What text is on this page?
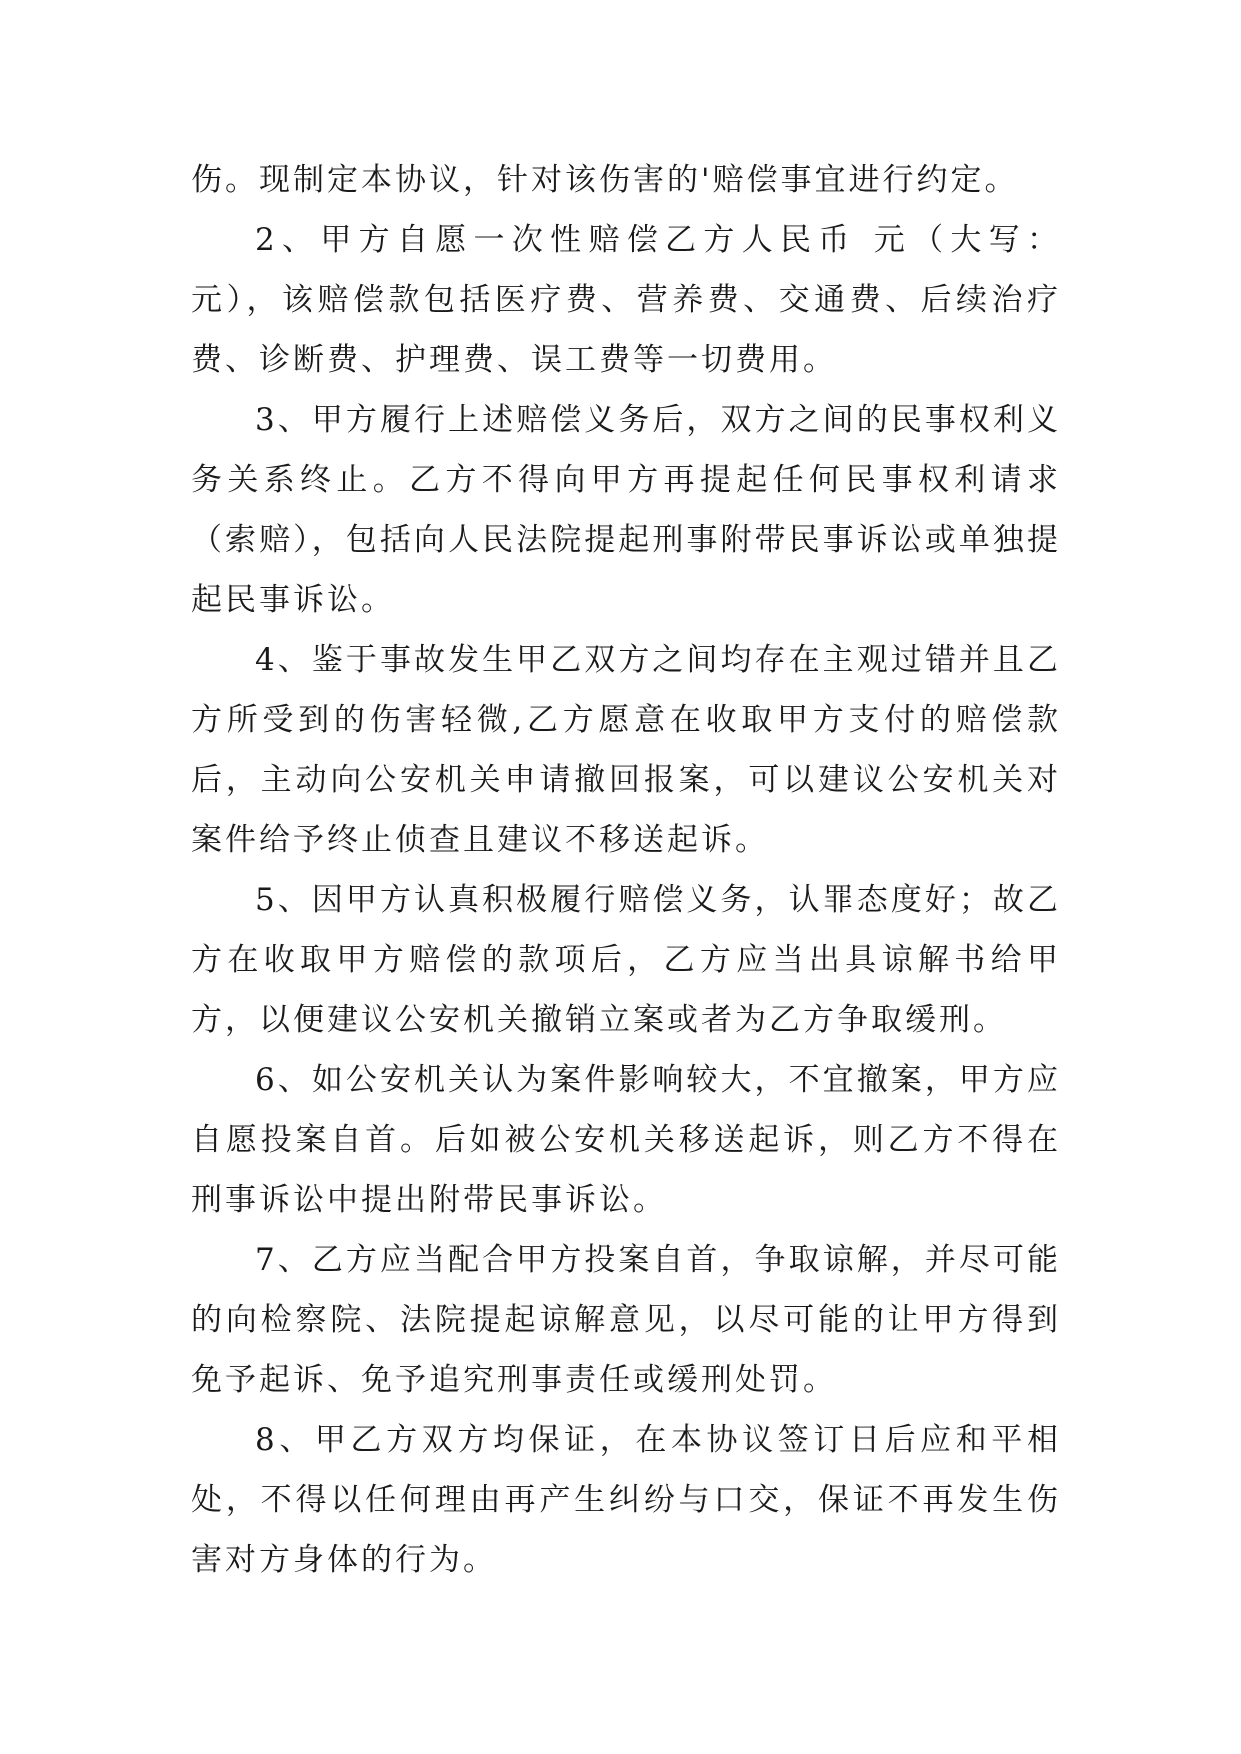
伤。现制定本协议，针对该伤害的'赔偿事宜进行约定。

2、甲方自愿一次性赔偿乙方人民币 元（大写： 元），该赔偿款包括医疗费、营养费、交通费、后续治疗费、诊断费、护理费、误工费等一切费用。

3、甲方履行上述赔偿义务后，双方之间的民事权利义务关系终止。乙方不得向甲方再提起任何民事权利请求（索赔），包括向人民法院提起刑事附带民事诉讼或单独提起民事诉讼。

4、鉴于事故发生甲乙双方之间均存在主观过错并且乙方所受到的伤害轻微,乙方愿意在收取甲方支付的赔偿款后，主动向公安机关申请撤回报案，可以建议公安机关对案件给予终止侦查且建议不移送起诉。

5、因甲方认真积极履行赔偿义务，认罪态度好；故乙方在收取甲方赔偿的款项后，乙方应当出具谅解书给甲方，以便建议公安机关撤销立案或者为乙方争取缓刑。

6、如公安机关认为案件影响较大，不宜撤案，甲方应自愿投案自首。后如被公安机关移送起诉，则乙方不得在刑事诉讼中提出附带民事诉讼。

7、乙方应当配合甲方投案自首，争取谅解，并尽可能的向检察院、法院提起谅解意见，以尽可能的让甲方得到免予起诉、免予追究刑事责任或缓刑处罚。

8、甲乙方双方均保证，在本协议签订日后应和平相处，不得以任何理由再产生纠纷与口交，保证不再发生伤害对方身体的行为。
